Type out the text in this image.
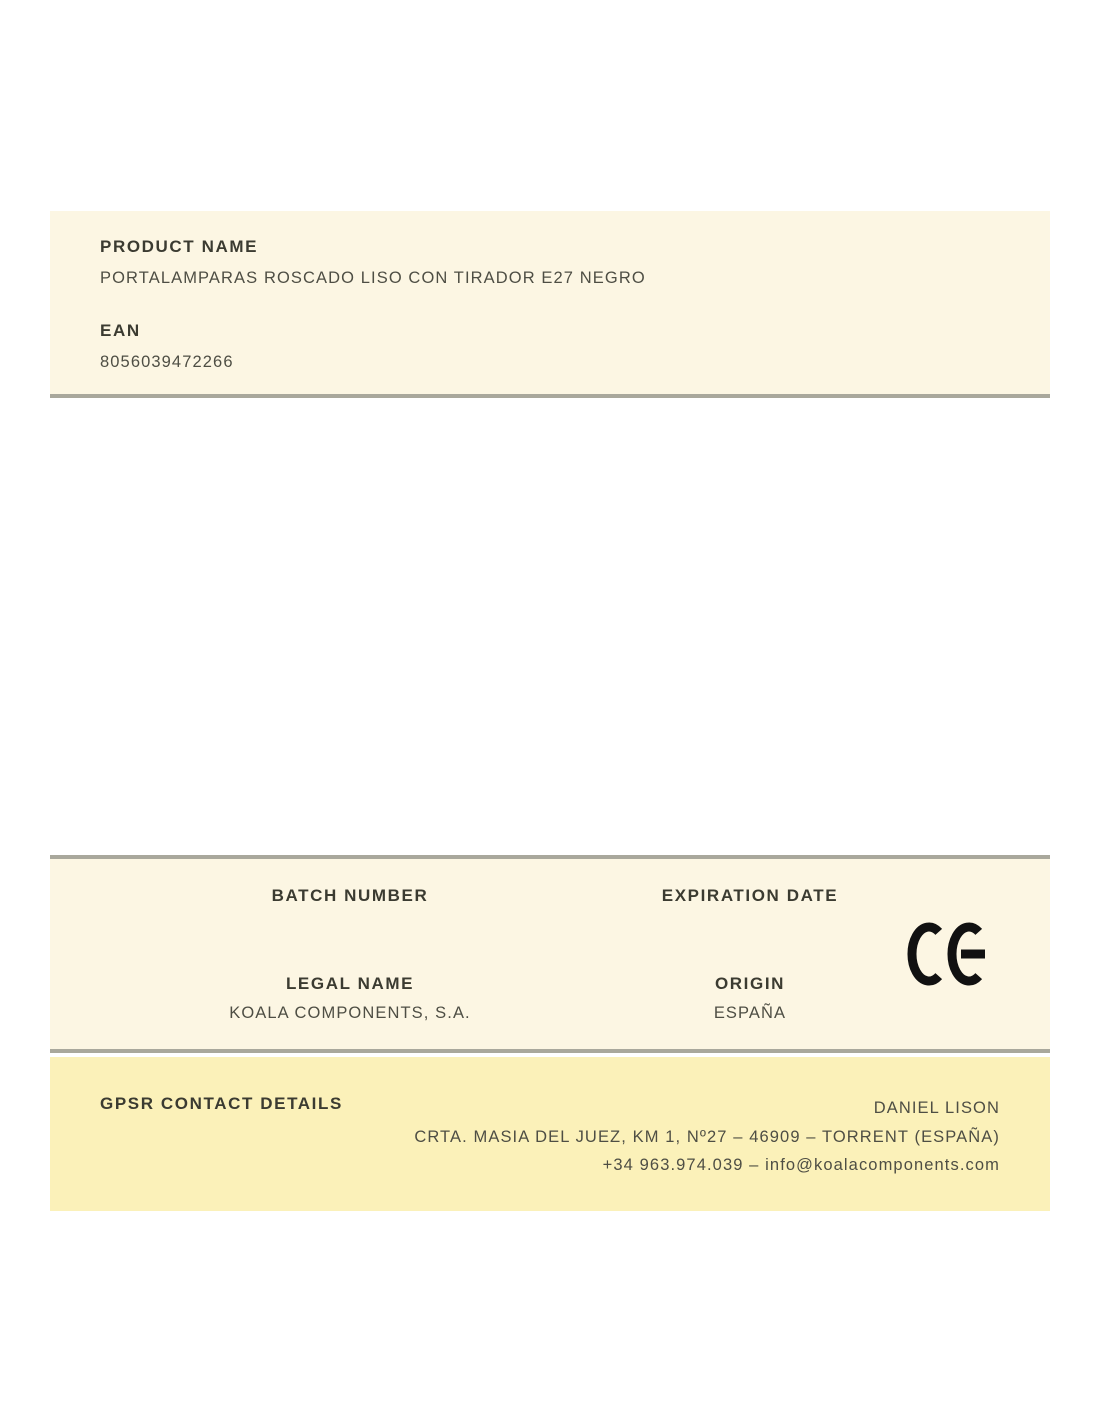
PRODUCT NAME
PORTALAMPARAS ROSCADO LISO CON TIRADOR E27 NEGRO
EAN
8056039472266
BATCH NUMBER
LEGAL NAME
KOALA COMPONENTS, S.A.
EXPIRATION DATE
ORIGIN
ESPAÑA
GPSR CONTACT DETAILS	DANIEL LISON
CRTA. MASIA DEL JUEZ, KM 1, Nº27 – 46909 – TORRENT (ESPAÑA)
+34 963.974.039 – info@koalacomponents.com
